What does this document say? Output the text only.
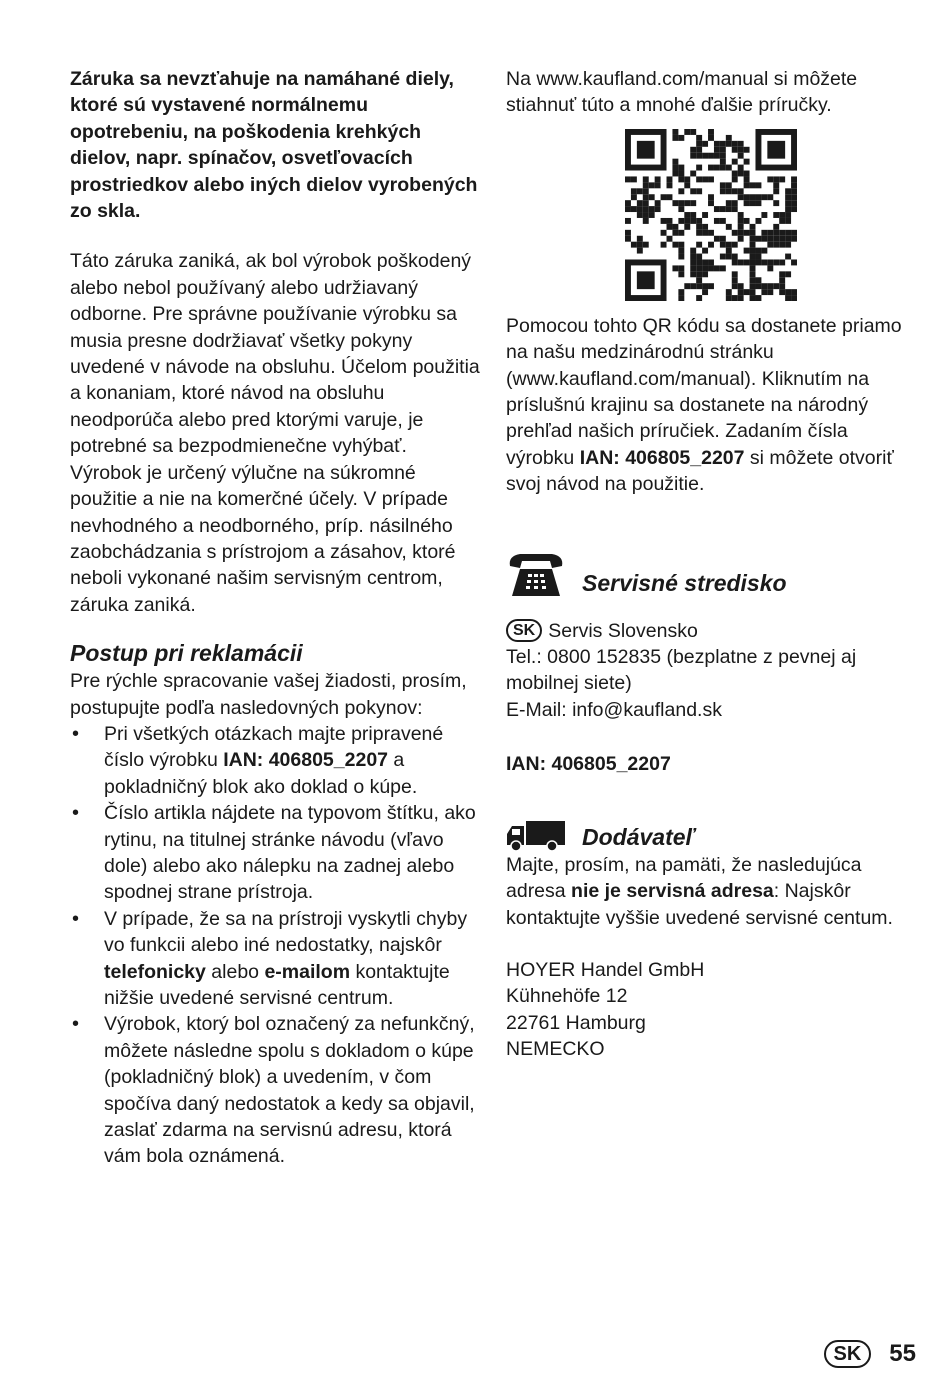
Záruka sa nevzťahuje na namáhané diely, ktoré sú vystavené normálnemu opotrebeniu, na poškodenia krehkých dielov, napr. spínačov, osvetľovacích prostriedkov alebo iných dielov vyrobených zo skla.

Táto záruka zaniká, ak bol výrobok poškodený alebo nebol používaný alebo udržiavaný odborne. Pre správne používanie výrobku sa musia presne dodržiavať všetky pokyny uvedené v návode na obsluhu. Účelom použitia a konaniam, ktoré návod na obsluhu neodporúča alebo pred ktorými varuje, je potrebné sa bezpodmienečne vyhýbať.

Výrobok je určený výlučne na súkromné použitie a nie na komerčné účely. V prípade nevhodného a neodborného, príp. násilného zaobchádzania s prístrojom a zásahov, ktoré neboli vykonané našim servisným centrom, záruka zaniká.

Postup pri reklamácii

Pre rýchle spracovanie vašej žiadosti, prosím, postupujte podľa nasledovných pokynov:

• Pri všetkých otázkach majte pripravené číslo výrobku IAN: 406805_2207 a pokladničný blok ako doklad o kúpe.
• Číslo artikla nájdete na typovom štítku, ako rytinu, na titulnej stránke návodu (vľavo dole) alebo ako nálepku na zadnej alebo spodnej strane prístroja.
• V prípade, že sa na prístroji vyskytli chyby vo funkcii alebo iné nedostatky, najskôr telefonicky alebo e-mailom kontaktujte nižšie uvedené servisné centrum.
• Výrobok, ktorý bol označený za nefunkčný, môžete následne spolu s dokladom o kúpe (pokladničný blok) a uvedením, v čom spočíva daný nedostatok a kedy sa objavil, zaslať zdarma na servisnú adresu, ktorá vám bola oznámená.

Na www.kaufland.com/manual si môžete stiahnuť túto a mnohé ďalšie príručky.

Pomocou tohto QR kódu sa dostanete priamo na našu medzinárodnú stránku (www.kaufland.com/manual). Kliknutím na príslušnú krajinu sa dostanete na národný prehľad našich príručiek. Zadaním čísla výrobku IAN: 406805_2207 si môžete otvoriť svoj návod na použitie.

Servisné stredisko

SK Servis Slovensko

Tel.: 0800 152835 (bezplatne z pevnej aj mobilnej siete)

E-Mail: info@kaufland.sk

IAN: 406805_2207

Dodávateľ

Majte, prosím, na pamäti, že nasledujúca adresa nie je servisná adresa: Najskôr kontaktujte vyššie uvedené servisné centum.

HOYER Handel GmbH

Kühnehöfe 12

22761 Hamburg

NEMECKO

SK	55
